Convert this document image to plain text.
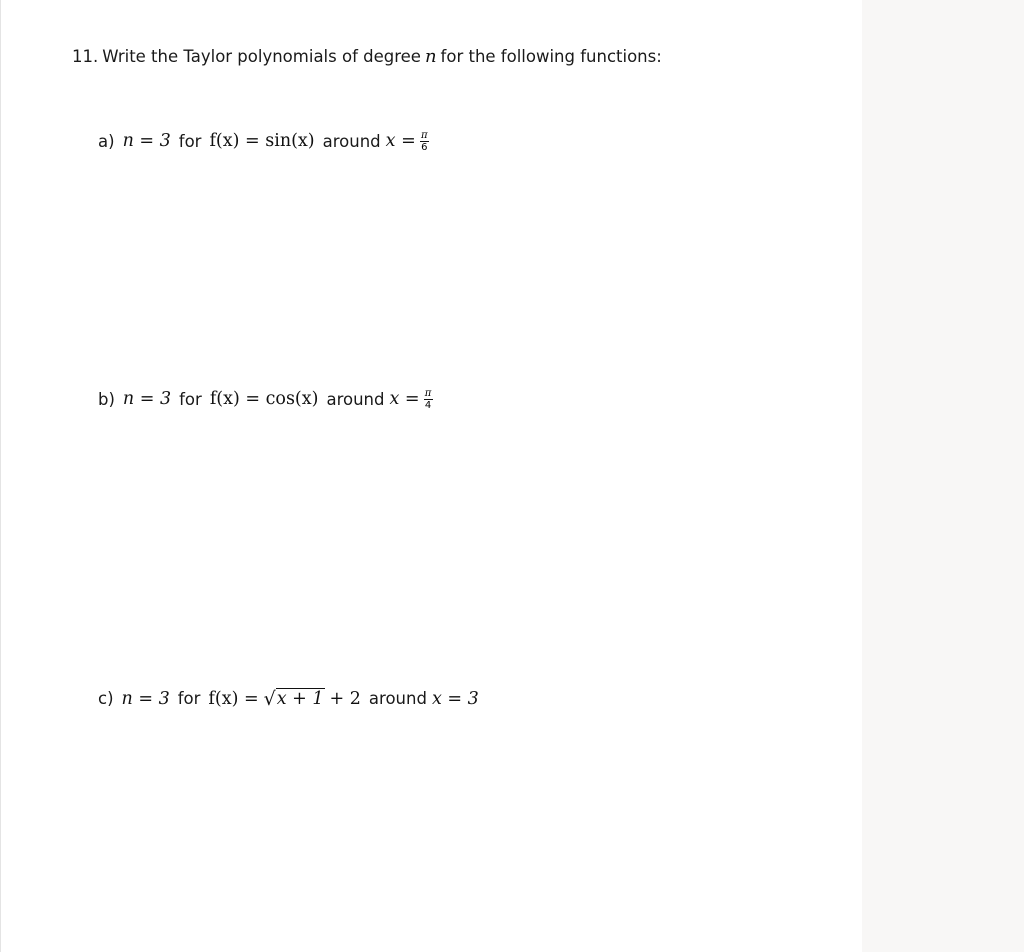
11. Write the Taylor polynomials of degree n for the following functions:
a) n = 3 for f(x) = sin(x) around $x = \frac{\pi}{6}$
b) n = 3 for f(x) = cos(x) around $x = \frac{\pi}{4}$
c) n = 3 for f(x) = √ x + 1 + 2 around x = 3
